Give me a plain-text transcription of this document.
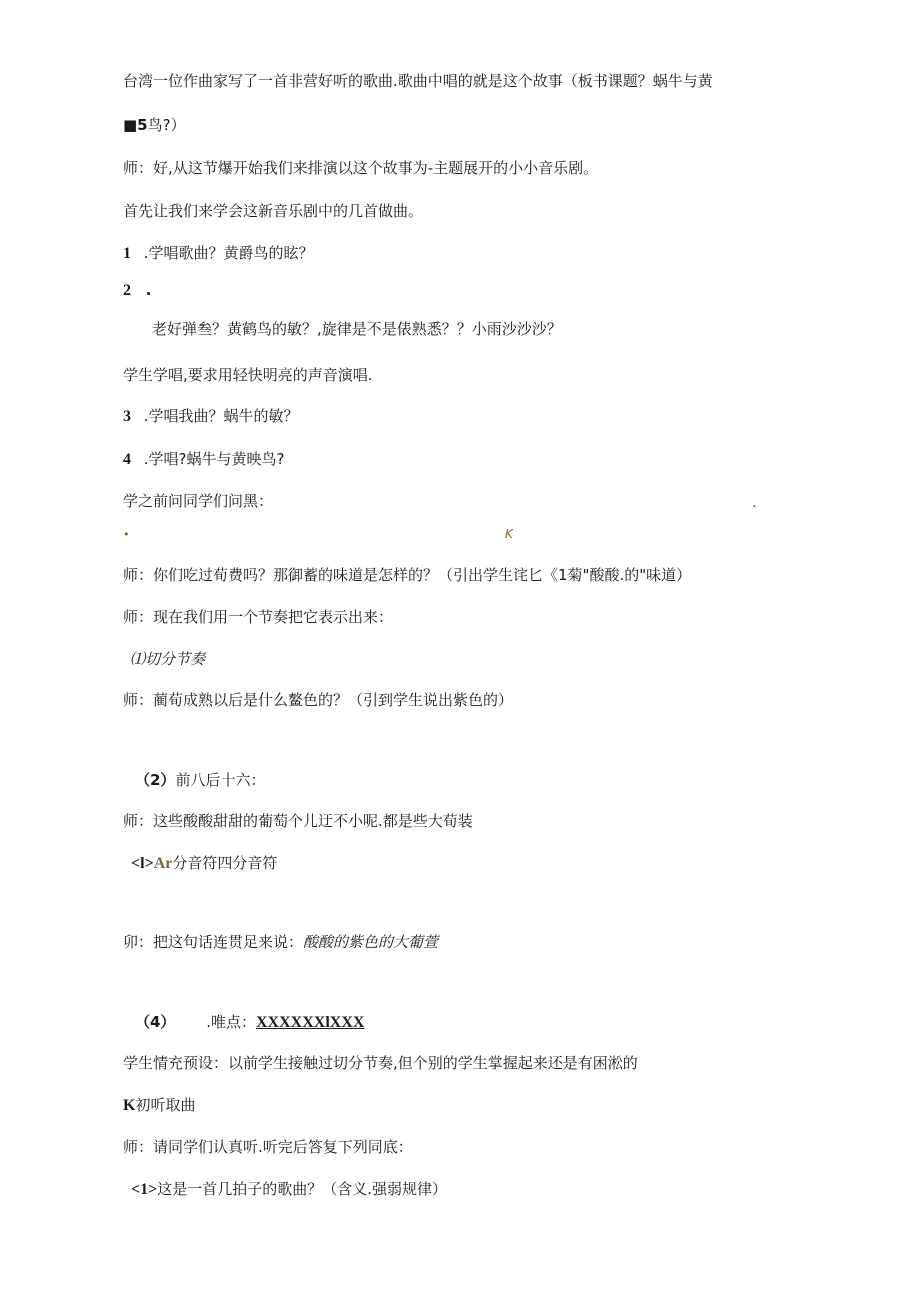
台湾一位作曲家写了一首非营好听的歌曲.歌曲中唱的就是这个故事（板书课题？蜗牛与黄
■5鸟?）
师：好,从这节爆开始我们来排演以这个故事为-主题展开的小小音乐剧。
首先让我们来学会这新音乐剧中的几首做曲。
1 .学唱歌曲？黄爵鸟的眩？
2 .
老好弹叁？黄鹤鸟的敏？,旋律是不是俵熟悉？？小雨沙沙沙？
学生学唱,要求用轻快明亮的声音演唱.
3 .学唱我曲？蜗牛的敏？
4 .学唱?蜗牛与黄映鸟?
学之前问同学们问黑：	.
•	K
师：你们吃过荀费吗？那御蓄的味道是怎样的？（引出学生诧匕《1菊"酸酸.的"味道）
师：现在我们用一个节奏把它表示出来：
⑴切分节奏
师：蔺荀成熟以后是什么鳌色的？（引到学生说出紫色的）
（2）前八后十六：
师：这些酸酸甜甜的葡萄个儿迂不小呢.都是些大荀装
<l>Ar分音符四分音符
卯：把这句话连贯足来说：酸酸的紫色的大葡萱
（4） .唯点：XXXXXXlXXX
学生情充预设：以前学生接触过切分节奏,但个别的学生掌握起来还是有困淞的
K初听取曲
师：请同学们认真听.听完后答复下列同底：
<1>这是一首几拍子的歌曲？（含义.强弱规律）
